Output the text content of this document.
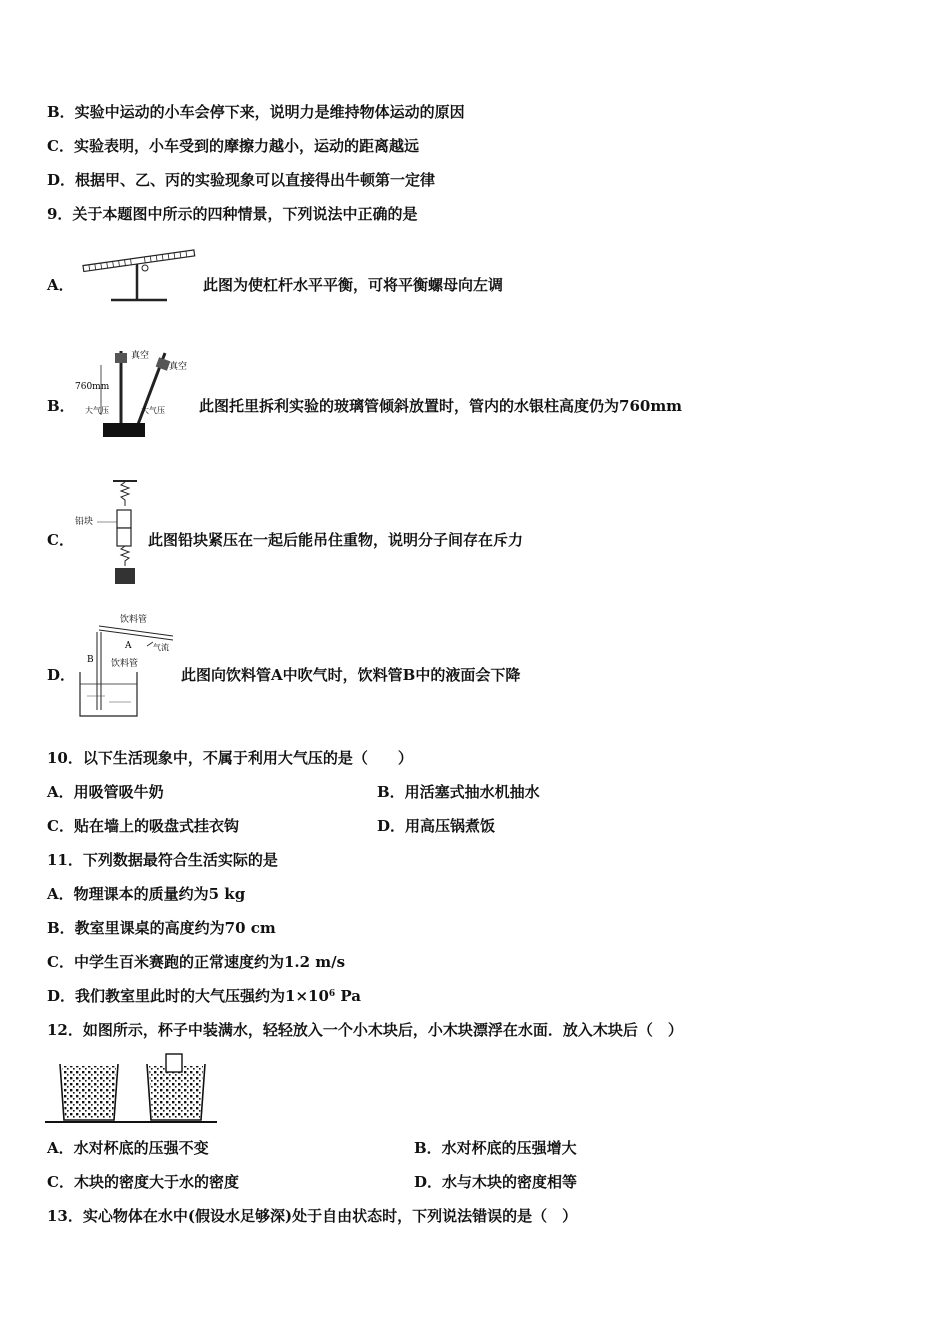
B．实验中运动的小车会停下来，说明力是维持物体运动的原因
C．实验表明，小车受到的摩擦力越小，运动的距离越远
D．根据甲、乙、丙的实验现象可以直接得出牛顿第一定律
9．关于本题图中所示的四种情景，下列说法中正确的是
A．	此图为使杠杆水平平衡，可将平衡螺母向左调
B．
真空
真空
760mm
大气压	大气压 此图托里拆利实验的玻璃管倾斜放置时，管内的水银柱高度仍为760mm
C．
铅块
此图铅块紧压在一起后能吊住重物，说明分子间存在斥力
D．
饮料管
A	气流
B 饮料管
此图向饮料管A中吹气时，饮料管B中的液面会下降
10．以下生活现象中，不属于利用大气压的是（　　）
A．用吸管吸牛奶	B．用活塞式抽水机抽水
C．贴在墙上的吸盘式挂衣钩	D．用高压锅煮饭
11．下列数据最符合生活实际的是
A．物理课本的质量约为5 kg
B．教室里课桌的高度约为70 cm
C．中学生百米赛跑的正常速度约为1.2 m/s
D．我们教室里此时的大气压强约为$1\times 10^6$ Pa
12．如图所示，杯子中装满水，轻轻放入一个小木块后，小木块漂浮在水面．放入木块后（　）
A．水对杯底的压强不变	B．水对杯底的压强增大
C．木块的密度大于水的密度	D．水与木块的密度相等
13．实心物体在水中(假设水足够深)处于自由状态时，下列说法错误的是（　）
